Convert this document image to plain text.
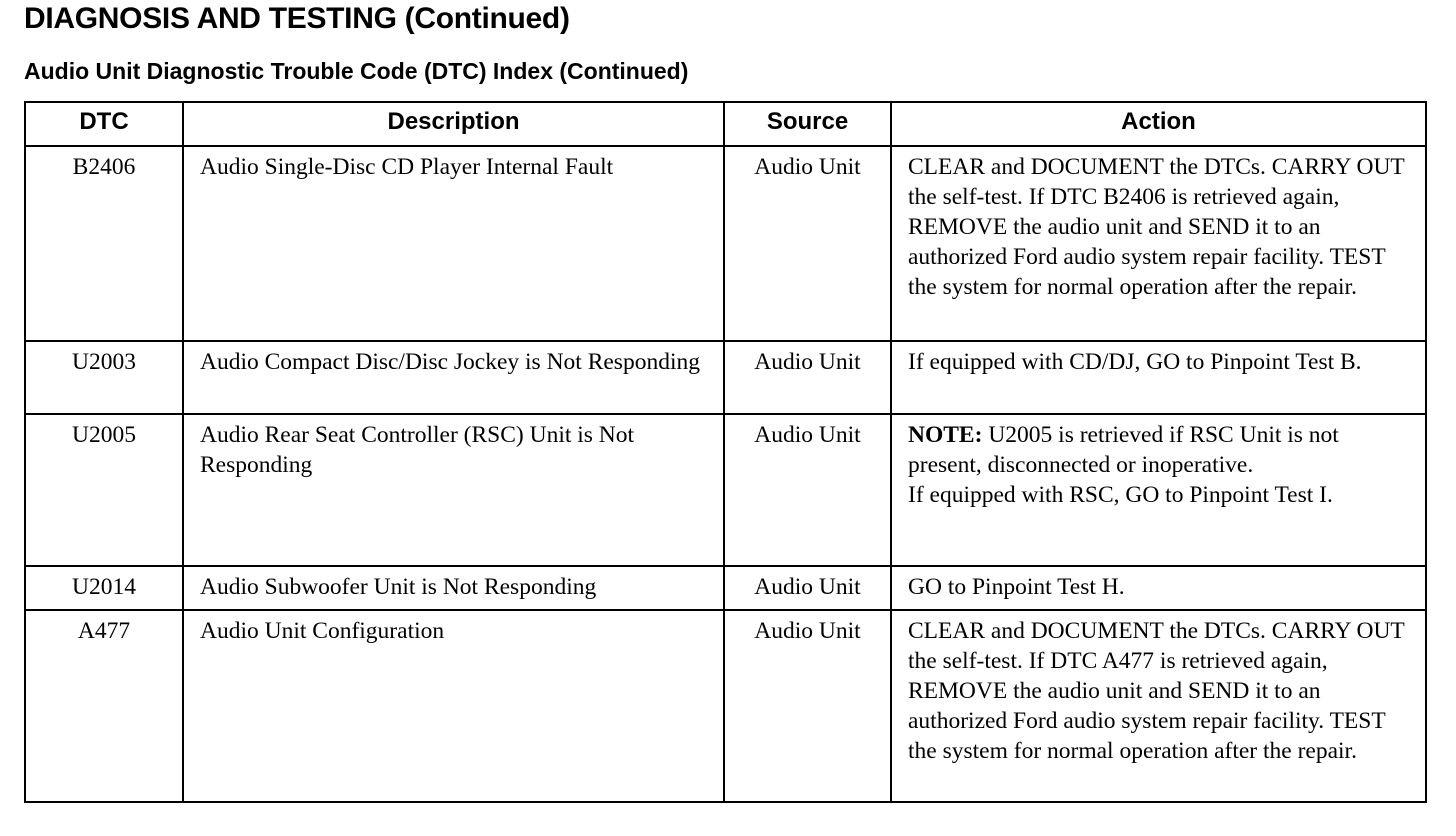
DIAGNOSIS AND TESTING (Continued)
Audio Unit Diagnostic Trouble Code (DTC) Index (Continued)
DTC	Description	Source	Action
B2406	Audio Single-Disc CD Player Internal Fault	Audio Unit	CLEAR and DOCUMENT the DTCs. CARRY OUT the self-test. If DTC B2406 is retrieved again, REMOVE the audio unit and SEND it to an authorized Ford audio system repair facility. TEST the system for normal operation after the repair.
U2003	Audio Compact Disc/Disc Jockey is Not Responding	Audio Unit	If equipped with CD/DJ, GO to Pinpoint Test B.
U2005	Audio Rear Seat Controller (RSC) Unit is Not Responding	Audio Unit	NOTE: U2005 is retrieved if RSC Unit is not present, disconnected or inoperative.
If equipped with RSC, GO to Pinpoint Test I.

U2014	Audio Subwoofer Unit is Not Responding	Audio Unit	GO to Pinpoint Test H.
A477	Audio Unit Configuration	Audio Unit	CLEAR and DOCUMENT the DTCs. CARRY OUT the self-test. If DTC A477 is retrieved again, REMOVE the audio unit and SEND it to an authorized Ford audio system repair facility. TEST the system for normal operation after the repair.
